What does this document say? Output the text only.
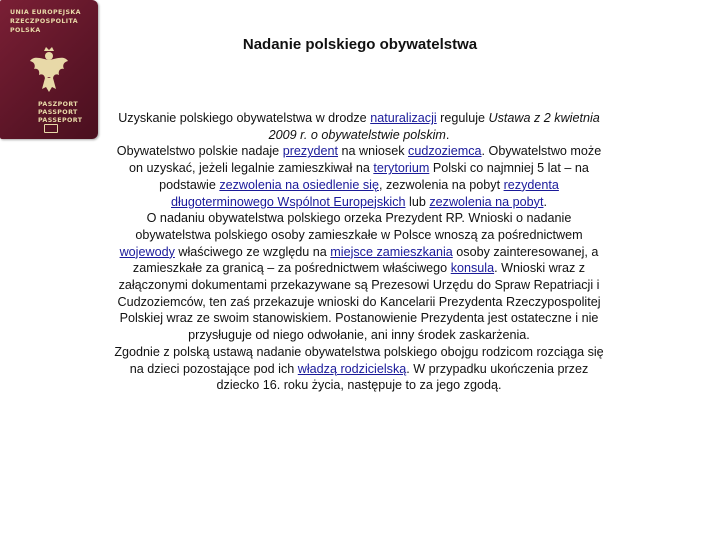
UNIA EUROPEJSKA
RZECZPOSPOLITA
POLSKA
PASZPORT
PASSPORT
PASSEPORT
Nadanie polskiego obywatelstwa

Uzyskanie polskiego obywatelstwa w drodze naturalizacji reguluje Ustawa z 2 kwietnia 2009 r. o obywatelstwie polskim.

Obywatelstwo polskie nadaje prezydent na wniosek cudzoziemca. Obywatelstwo może on uzyskać, jeżeli legalnie zamieszkiwał na terytorium Polski co najmniej 5 lat – na podstawie zezwolenia na osiedlenie się, zezwolenia na pobyt rezydenta długoterminowego Wspólnot Europejskich lub zezwolenia na pobyt.

O nadaniu obywatelstwa polskiego orzeka Prezydent RP. Wnioski o nadanie obywatelstwa polskiego osoby zamieszkałe w Polsce wnoszą za pośrednictwem wojewody właściwego ze względu na miejsce zamieszkania osoby zainteresowanej, a zamieszkałe za granicą – za pośrednictwem właściwego konsula. Wnioski wraz z załączonymi dokumentami przekazywane są Prezesowi Urzędu do Spraw Repatriacji i Cudzoziemców, ten zaś przekazuje wnioski do Kancelarii Prezydenta Rzeczypospolitej Polskiej wraz ze swoim stanowiskiem. Postanowienie Prezydenta jest ostateczne i nie przysługuje od niego odwołanie, ani inny środek zaskarżenia.

Zgodnie z polską ustawą nadanie obywatelstwa polskiego obojgu rodzicom rozciąga się na dzieci pozostające pod ich władzą rodzicielską. W przypadku ukończenia przez dziecko 16. roku życia, następuje to za jego zgodą.
